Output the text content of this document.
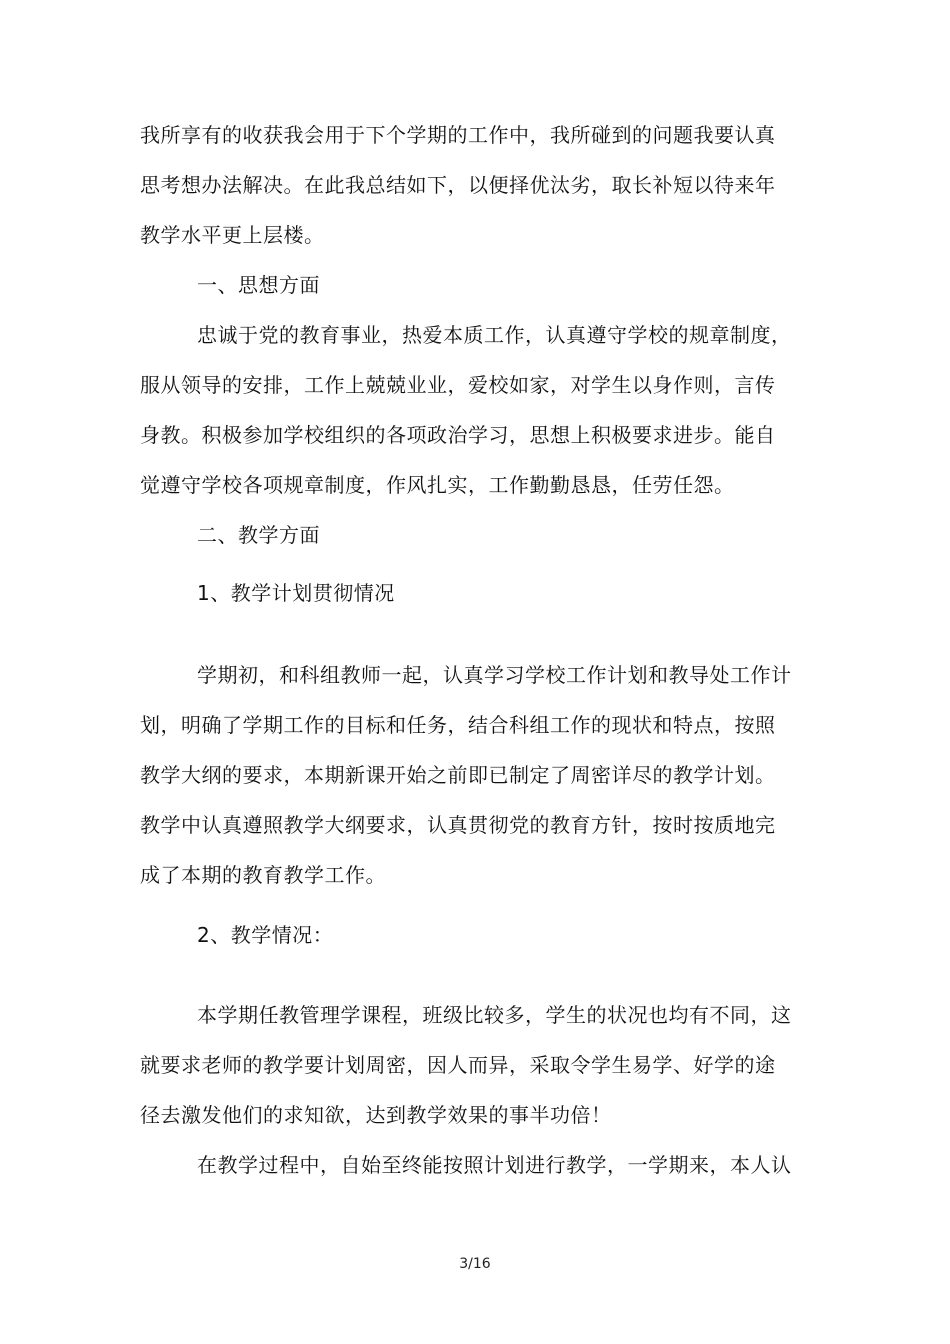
我所享有的收获我会用于下个学期的工作中，我所碰到的问题我要认真
思考想办法解决。在此我总结如下，以便择优汰劣，取长补短以待来年
教学水平更上层楼。
一、思想方面
忠诚于党的教育事业，热爱本质工作，认真遵守学校的规章制度，
服从领导的安排，工作上兢兢业业，爱校如家，对学生以身作则，言传
身教。积极参加学校组织的各项政治学习，思想上积极要求进步。能自
觉遵守学校各项规章制度，作风扎实，工作勤勤恳恳，任劳任怨。
二、教学方面
1、教学计划贯彻情况
学期初，和科组教师一起，认真学习学校工作计划和教导处工作计
划，明确了学期工作的目标和任务，结合科组工作的现状和特点，按照
教学大纲的要求，本期新课开始之前即已制定了周密详尽的教学计划。
教学中认真遵照教学大纲要求，认真贯彻党的教育方针，按时按质地完
成了本期的教育教学工作。
2、教学情况：
本学期任教管理学课程，班级比较多，学生的状况也均有不同，这
就要求老师的教学要计划周密，因人而异，采取令学生易学、好学的途
径去激发他们的求知欲，达到教学效果的事半功倍！
在教学过程中，自始至终能按照计划进行教学，一学期来，本人认
3/16
